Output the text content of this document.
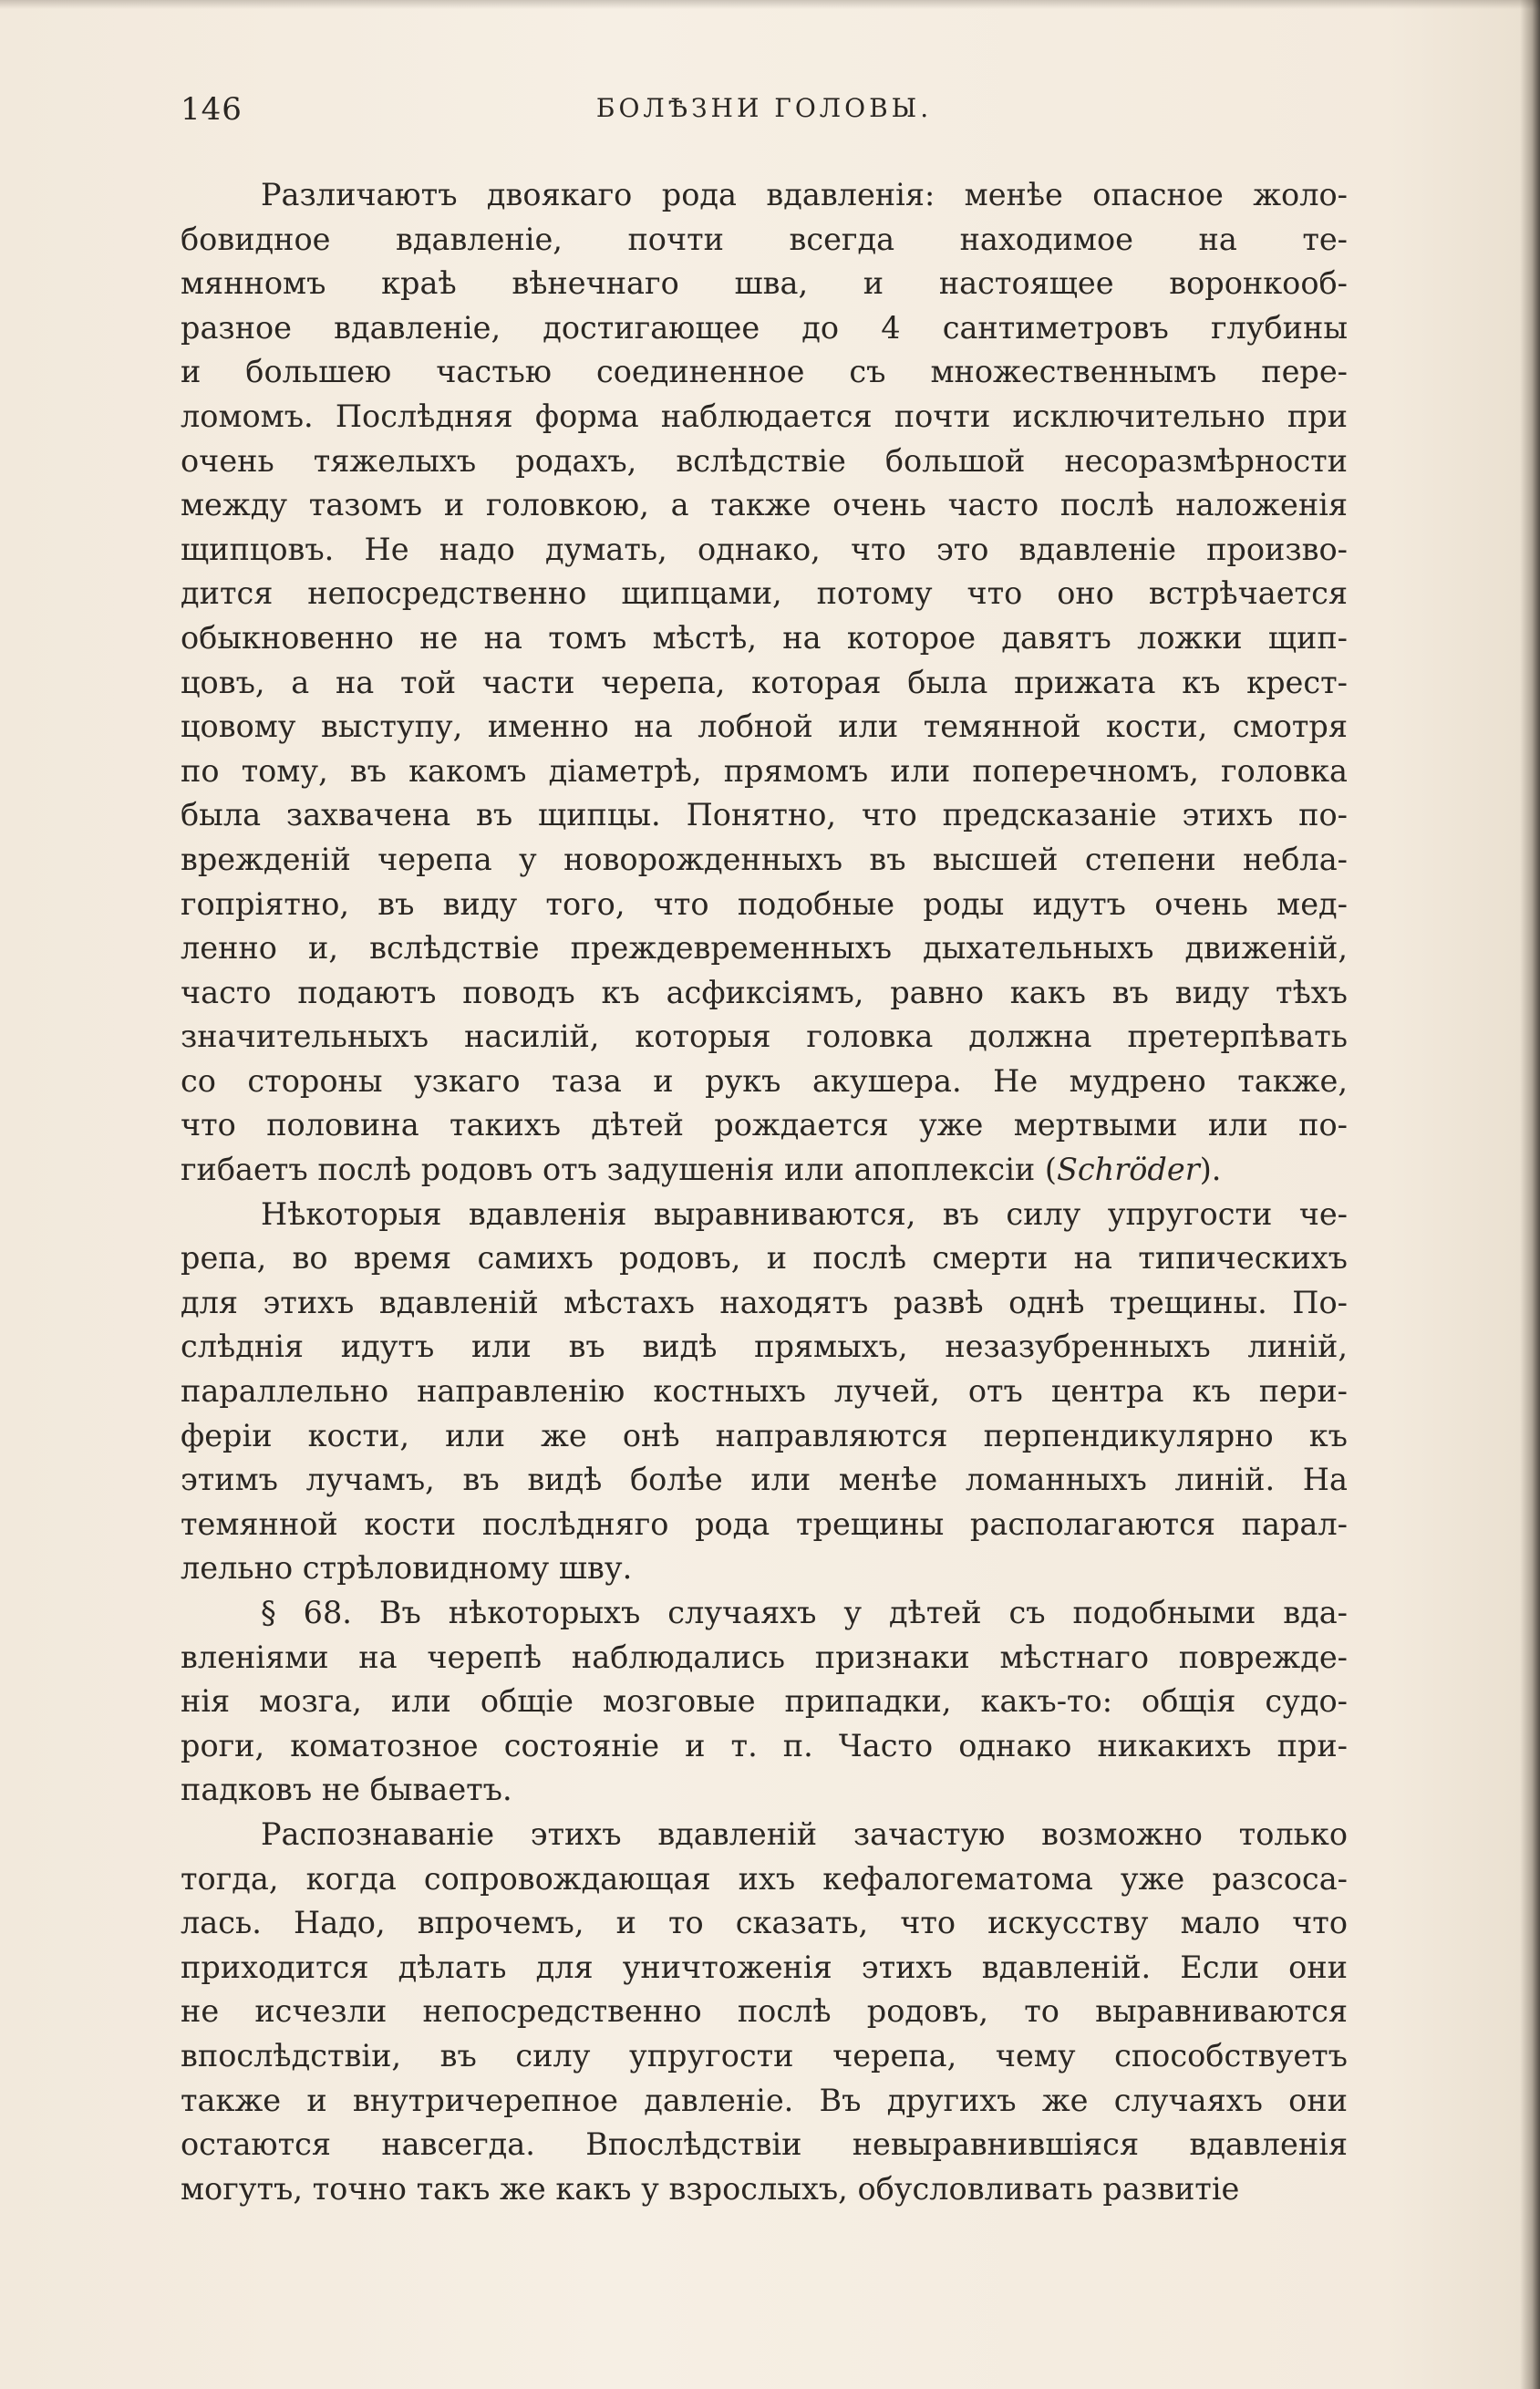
146	БОЛѢЗНИ ГОЛОВЫ.
Различаютъ двоякаго рода вдавленія: менѣе опасное жоло-
бовидное вдавленіе, почти всегда находимое на те-
мянномъ краѣ вѣнечнаго шва, и настоящее воронкооб-
разное вдавленіе, достигающее до 4 сантиметровъ глубины
и большею частью соединенное съ множественнымъ пере-
ломомъ. Послѣдняя форма наблюдается почти исключительно при
очень тяжелыхъ родахъ, вслѣдствіе большой несоразмѣрности
между тазомъ и головкою, а также очень часто послѣ наложенія
щипцовъ. Не надо думать, однако, что это вдавленіе произво-
дится непосредственно щипцами, потому что оно встрѣчается
обыкновенно не на томъ мѣстѣ, на которое давятъ ложки щип-
цовъ, а на той части черепа, которая была прижата къ крест-
цовому выступу, именно на лобной или темянной кости, смотря
по тому, въ какомъ діаметрѣ, прямомъ или поперечномъ, головка
была захвачена въ щипцы. Понятно, что предсказаніе этихъ по-
врежденій черепа у новорожденныхъ въ высшей степени небла-
гопріятно, въ виду того, что подобные роды идутъ очень мед-
ленно и, вслѣдствіе преждевременныхъ дыхательныхъ движеній,
часто подаютъ поводъ къ асфиксіямъ, равно какъ въ виду тѣхъ
значительныхъ насилій, которыя головка должна претерпѣвать
со стороны узкаго таза и рукъ акушера. Не мудрено также,
что половина такихъ дѣтей рождается уже мертвыми или по-
гибаетъ послѣ родовъ отъ задушенія или апоплексіи (Schröder).
Нѣкоторыя вдавленія выравниваются, въ силу упругости че-
репа, во время самихъ родовъ, и послѣ смерти на типическихъ
для этихъ вдавленій мѣстахъ находятъ развѣ однѣ трещины. По-
слѣднія идутъ или въ видѣ прямыхъ, незазубренныхъ линій,
параллельно направленію костныхъ лучей, отъ центра къ пери-
феріи кости, или же онѣ направляются перпендикулярно къ
этимъ лучамъ, въ видѣ болѣе или менѣе ломанныхъ линій. На
темянной кости послѣдняго рода трещины располагаются парал-
лельно стрѣловидному шву.
§ 68. Въ нѣкоторыхъ случаяхъ у дѣтей съ подобными вда-
вленіями на черепѣ наблюдались признаки мѣстнаго поврежде-
нія мозга, или общіе мозговые припадки, какъ-то: общія судо-
роги, коматозное состояніе и т. п. Часто однако никакихъ при-
падковъ не бываетъ.
Распознаваніе этихъ вдавленій зачастую возможно только
тогда, когда сопровождающая ихъ кефалогематома уже разсоса-
лась. Надо, впрочемъ, и то сказать, что искусству мало что
приходится дѣлать для уничтоженія этихъ вдавленій. Если они
не исчезли непосредственно послѣ родовъ, то выравниваются
впослѣдствіи, въ силу упругости черепа, чему способствуетъ
также и внутричерепное давленіе. Въ другихъ же случаяхъ они
остаются навсегда. Впослѣдствіи невыравнившіяся вдавленія
могутъ, точно такъ же какъ у взрослыхъ, обусловливать развитіе
